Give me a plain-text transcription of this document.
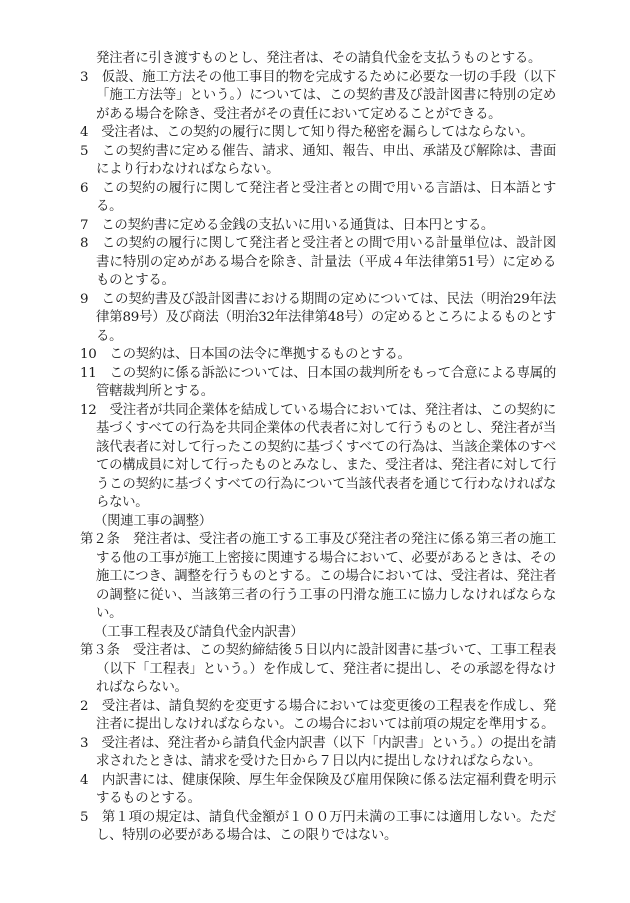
発注者に引き渡すものとし、発注者は、その請負代金を支払うものとする。

3　仮設、施工方法その他工事目的物を完成するために必要な一切の手段（以下「施工方法等」という。）については、この契約書及び設計図書に特別の定めがある場合を除き、受注者がその責任において定めることができる。

4　受注者は、この契約の履行に関して知り得た秘密を漏らしてはならない。

5　この契約書に定める催告、請求、通知、報告、申出、承諾及び解除は、書面により行わなければならない。

6　この契約の履行に関して発注者と受注者との間で用いる言語は、日本語とする。

7　この契約書に定める金銭の支払いに用いる通貨は、日本円とする。

8　この契約の履行に関して発注者と受注者との間で用いる計量単位は、設計図書に特別の定めがある場合を除き、計量法（平成４年法律第51号）に定めるものとする。

9　この契約書及び設計図書における期間の定めについては、民法（明治29年法律第89号）及び商法（明治32年法律第48号）の定めるところによるものとする。

10　この契約は、日本国の法令に準拠するものとする。

11　この契約に係る訴訟については、日本国の裁判所をもって合意による専属的管轄裁判所とする。

12　受注者が共同企業体を結成している場合においては、発注者は、この契約に基づくすべての行為を共同企業体の代表者に対して行うものとし、発注者が当該代表者に対して行ったこの契約に基づくすべての行為は、当該企業体のすべての構成員に対して行ったものとみなし、また、受注者は、発注者に対して行うこの契約に基づくすべての行為について当該代表者を通じて行わなければならない。

（関連工事の調整）

第２条　発注者は、受注者の施工する工事及び発注者の発注に係る第三者の施工する他の工事が施工上密接に関連する場合において、必要があるときは、その施工につき、調整を行うものとする。この場合においては、受注者は、発注者の調整に従い、当該第三者の行う工事の円滑な施工に協力しなければならない。

（工事工程表及び請負代金内訳書）

第３条　受注者は、この契約締結後５日以内に設計図書に基づいて、工事工程表（以下「工程表」という。）を作成して、発注者に提出し、その承認を得なければならない。

2　受注者は、請負契約を変更する場合においては変更後の工程表を作成し、発注者に提出しなければならない。この場合においては前項の規定を準用する。

3　受注者は、発注者から請負代金内訳書（以下「内訳書」という。）の提出を請求されたときは、請求を受けた日から７日以内に提出しなければならない。

4　内訳書には、健康保険、厚生年金保険及び雇用保険に係る法定福利費を明示するものとする。

5　第１項の規定は、請負代金額が１００万円未満の工事には適用しない。ただし、特別の必要がある場合は、この限りではない。
